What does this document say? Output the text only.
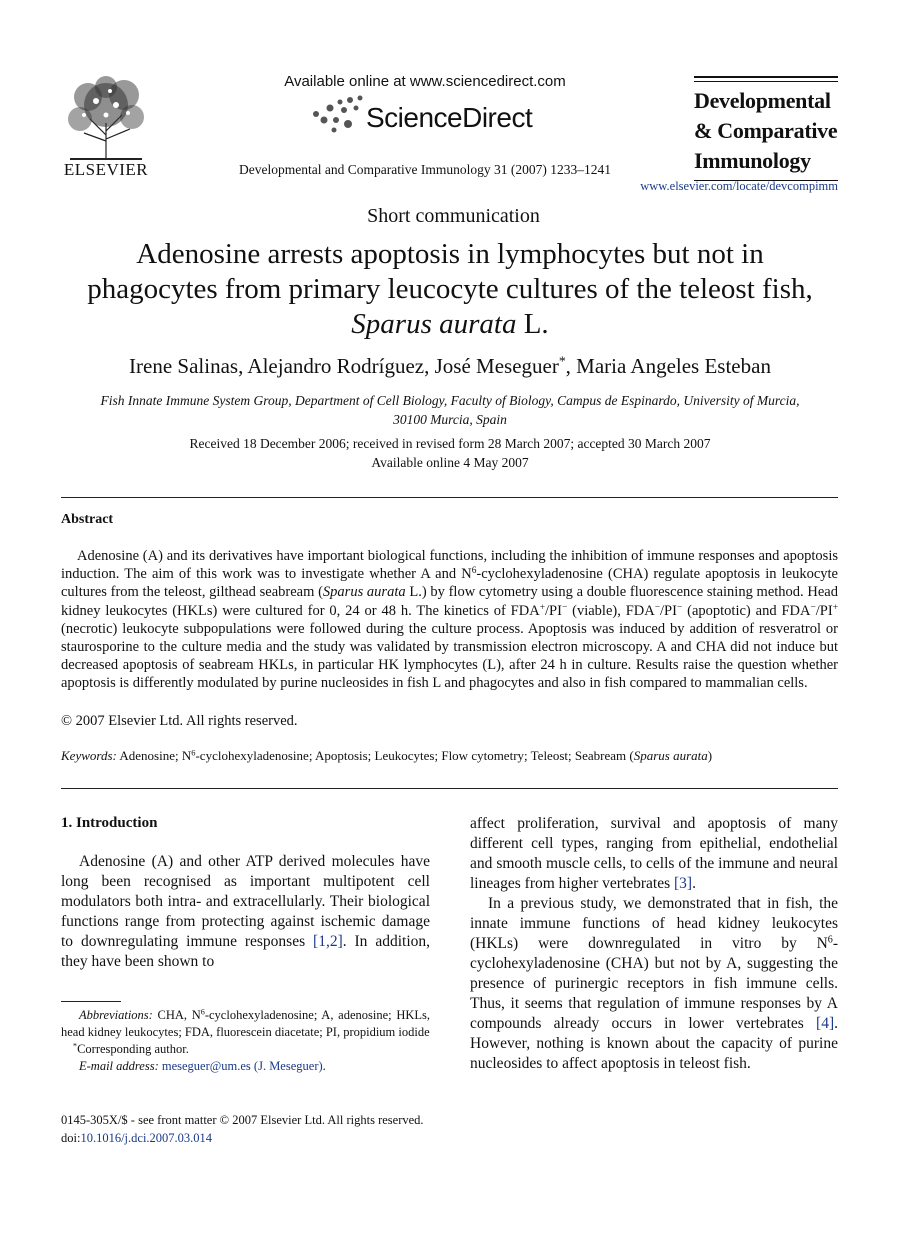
ELSEVIER
Available online at www.sciencedirect.com
ScienceDirect
Developmental and Comparative Immunology 31 (2007) 1233–1241
Developmental
& Comparative
Immunology
www.elsevier.com/locate/devcompimm
Short communication
Adenosine arrests apoptosis in lymphocytes but not in
phagocytes from primary leucocyte cultures of the teleost fish,
Sparus aurata L.
Irene Salinas, Alejandro Rodríguez, José Meseguer*, Maria Angeles Esteban
Fish Innate Immune System Group, Department of Cell Biology, Faculty of Biology, Campus de Espinardo, University of Murcia,
30100 Murcia, Spain
Received 18 December 2006; received in revised form 28 March 2007; accepted 30 March 2007
Available online 4 May 2007
Abstract
Adenosine (A) and its derivatives have important biological functions, including the inhibition of immune responses and apoptosis induction. The aim of this work was to investigate whether A and $N^6$-cyclohexyladenosine (CHA) regulate apoptosis in leukocyte cultures from the teleost, gilthead seabream (Sparus aurata L.) by flow cytometry using a double fluorescence staining method. Head kidney leukocytes (HKLs) were cultured for 0, 24 or 48 h. The kinetics of FDA+/PI− (viable), FDA−/PI− (apoptotic) and FDA−/PI+ (necrotic) leukocyte subpopulations were followed during the culture process. Apoptosis was induced by addition of resveratrol or staurosporine to the culture media and the study was validated by transmission electron microscopy. A and CHA did not induce but decreased apoptosis of seabream HKLs, in particular HK lymphocytes (L), after 24 h in culture. Results raise the question whether apoptosis is differently modulated by purine nucleosides in fish L and phagocytes and also in fish compared to mammalian cells.
© 2007 Elsevier Ltd. All rights reserved.
Keywords: Adenosine; $N^6$-cyclohexyladenosine; Apoptosis; Leukocytes; Flow cytometry; Teleost; Seabream (Sparus aurata)
1. Introduction

Adenosine (A) and other ATP derived molecules have long been recognised as important multipotent cell modulators both intra- and extracellularly. Their biological functions range from protecting against ischemic damage to downregulating immune responses [1,2]. In addition, they have been shown to

affect proliferation, survival and apoptosis of many different cell types, ranging from epithelial, endothelial and smooth muscle cells, to cells of the immune and neural lineages from higher vertebrates [3].

In a previous study, we demonstrated that in fish, the innate immune functions of head kidney leukocytes (HKLs) were downregulated in vitro by $N^6$-cyclohexyladenosine (CHA) but not by A, suggesting the presence of purinergic receptors in fish immune cells. Thus, it seems that regulation of immune responses by A compounds already occurs in lower vertebrates [4]. However, nothing is known about the capacity of purine nucleosides to affect apoptosis in teleost fish.

Abbreviations: CHA, $N^6$-cyclohexyladenosine; A, adenosine; HKLs, head kidney leukocytes; FDA, fluorescein diacetate; PI, propidium iodide

*Corresponding author.

E-mail address: meseguer@um.es (J. Meseguer).

0145-305X/$ - see front matter © 2007 Elsevier Ltd. All rights reserved.
doi:10.1016/j.dci.2007.03.014
